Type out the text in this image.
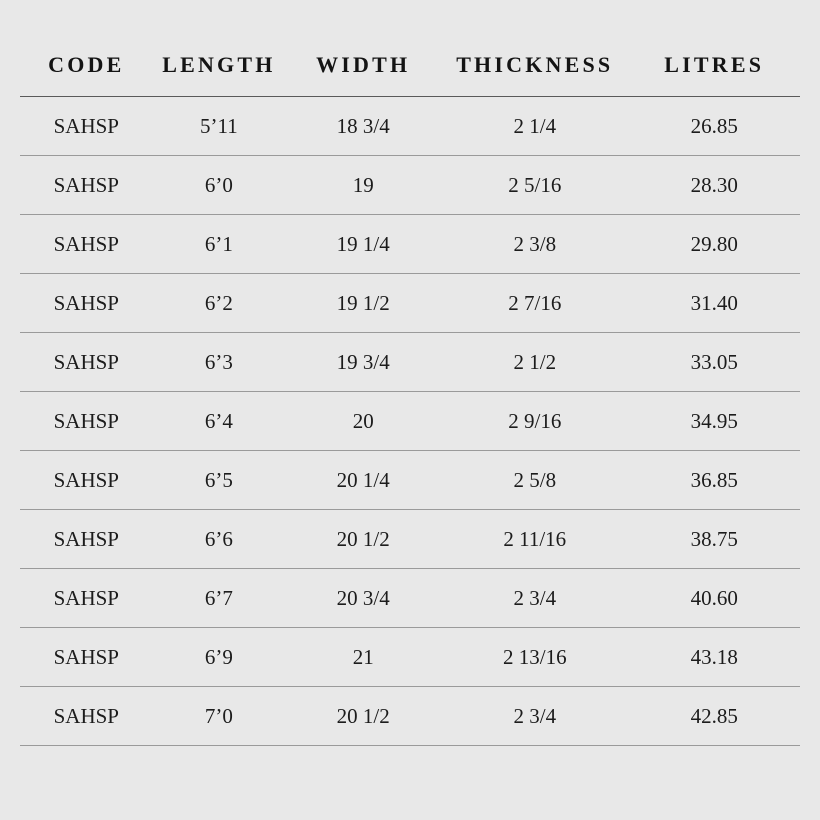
CODE	LENGTH	WIDTH	THICKNESS	LITRES
SAHSP	5’11	18 3/4	2 1/4	26.85
SAHSP	6’0	19	2 5/16	28.30
SAHSP	6’1	19 1/4	2 3/8	29.80
SAHSP	6’2	19 1/2	2 7/16	31.40
SAHSP	6’3	19 3/4	2 1/2	33.05
SAHSP	6’4	20	2 9/16	34.95
SAHSP	6’5	20 1/4	2 5/8	36.85
SAHSP	6’6	20 1/2	2 11/16	38.75
SAHSP	6’7	20 3/4	2 3/4	40.60
SAHSP	6’9	21	2 13/16	43.18
SAHSP	7’0	20 1/2	2 3/4	42.85
